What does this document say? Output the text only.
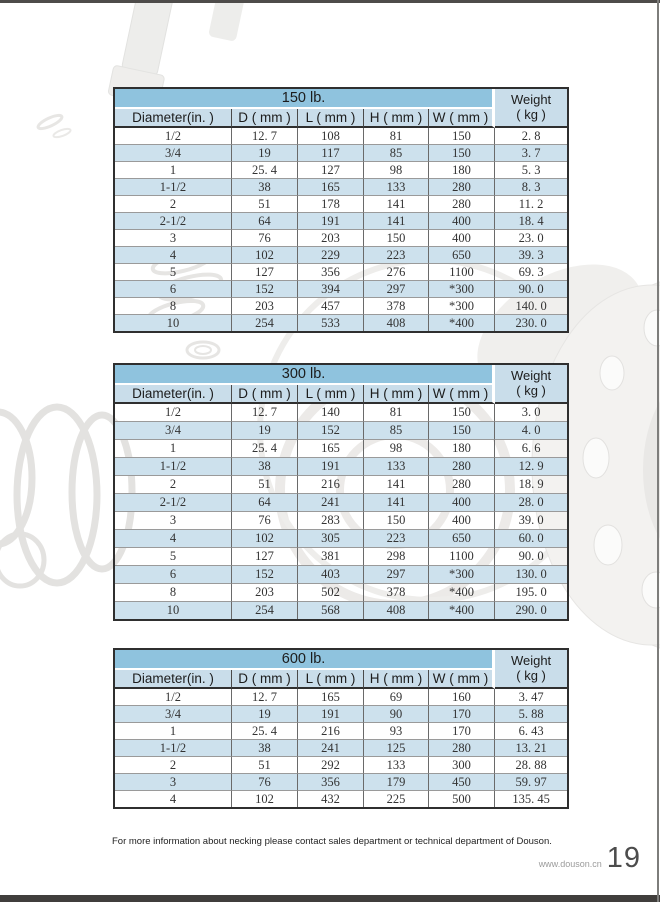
150 lb.					Weight
( kg )
Diameter(in. )	D ( mm )	L ( mm )	H ( mm )	W ( mm )	
1/2	12. 7	108	81	150	2. 8
3/4	19	117	85	150	3. 7
1	25. 4	127	98	180	5. 3
1-1/2	38	165	133	280	8. 3
2	51	178	141	280	11. 2
2-1/2	64	191	141	400	18. 4
3	76	203	150	400	23. 0
4	102	229	223	650	39. 3
5	127	356	276	1100	69. 3
6	152	394	297	*300	90. 0
8	203	457	378	*300	140. 0
10	254	533	408	*400	230. 0
300 lb.					Weight
( kg )
Diameter(in. )	D ( mm )	L ( mm )	H ( mm )	W ( mm )	
1/2	12. 7	140	81	150	3. 0
3/4	19	152	85	150	4. 0
1	25. 4	165	98	180	6. 6
1-1/2	38	191	133	280	12. 9
2	51	216	141	280	18. 9
2-1/2	64	241	141	400	28. 0
3	76	283	150	400	39. 0
4	102	305	223	650	60. 0
5	127	381	298	1100	90. 0
6	152	403	297	*300	130. 0
8	203	502	378	*400	195. 0
10	254	568	408	*400	290. 0
600 lb.					Weight
( kg )
Diameter(in. )	D ( mm )	L ( mm )	H ( mm )	W ( mm )	
1/2	12. 7	165	69	160	3. 47
3/4	19	191	90	170	5. 88
1	25. 4	216	93	170	6. 43
1-1/2	38	241	125	280	13. 21
2	51	292	133	300	28. 88
3	76	356	179	450	59. 97
4	102	432	225	500	135. 45

For more information about necking please contact sales department or technical department of Douson.

www.douson.cn 19
